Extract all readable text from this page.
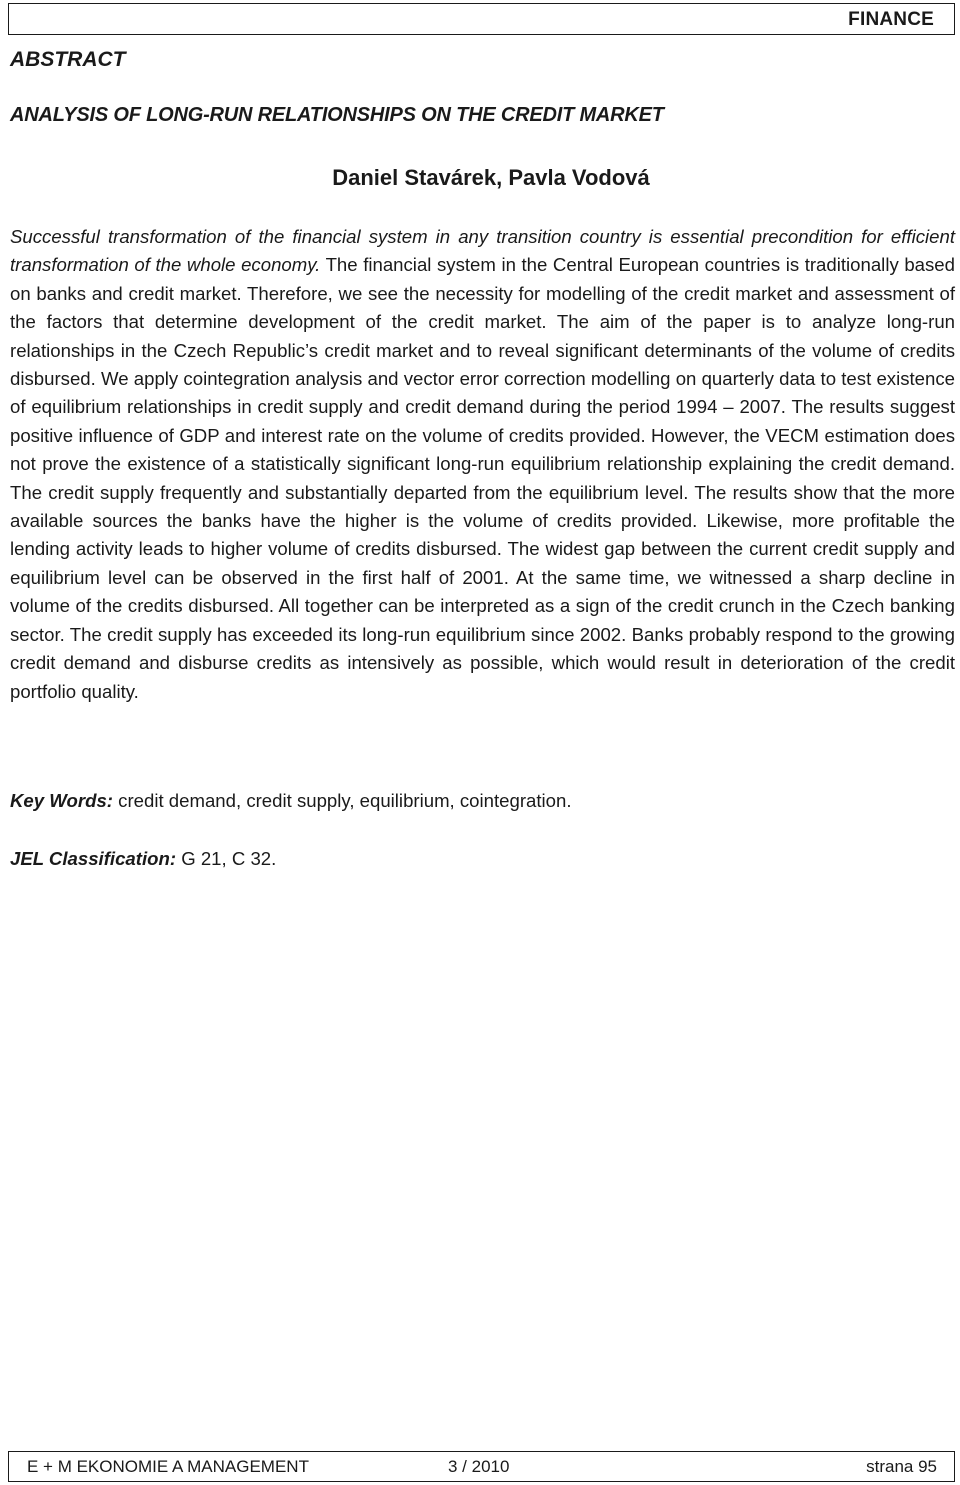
FINANCE
ABSTRACT
ANALYSIS OF LONG-RUN RELATIONSHIPS ON THE CREDIT MARKET
Daniel Stavárek, Pavla Vodová

Successful transformation of the financial system in any transition country is essential precondition for efficient transformation of the whole economy. The financial system in the Central European countries is traditionally based on banks and credit market. Therefore, we see the necessity for modelling of the credit market and assessment of the factors that determine development of the credit market. The aim of the paper is to analyze long-run relationships in the Czech Republic’s credit market and to reveal significant determinants of the volume of credits disbursed. We apply cointegration analysis and vector error correction modelling on quarterly data to test existence of equilibrium relationships in credit supply and credit demand during the period 1994 – 2007. The results suggest positive influence of GDP and interest rate on the volume of credits provided. However, the VECM estimation does not prove the existence of a statistically significant long-run equilibrium relationship explaining the credit demand. The credit supply frequently and substantially departed from the equilibrium level. The results show that the more available sources the banks have the higher is the volume of credits provided. Likewise, more profitable the lending activity leads to higher volume of credits disbursed. The widest gap between the current credit supply and equilibrium level can be observed in the first half of 2001. At the same time, we witnessed a sharp decline in volume of the credits disbursed. All together can be interpreted as a sign of the credit crunch in the Czech banking sector. The credit supply has exceeded its long-run equilibrium since 2002. Banks probably respond to the growing credit demand and disburse credits as intensively as possible, which would result in deterioration of the credit portfolio quality.

Key Words: credit demand, credit supply, equilibrium, cointegration.
JEL Classification: G 21, C 32.
E + M EKONOMIE A MANAGEMENT	3 / 2010	strana 95
